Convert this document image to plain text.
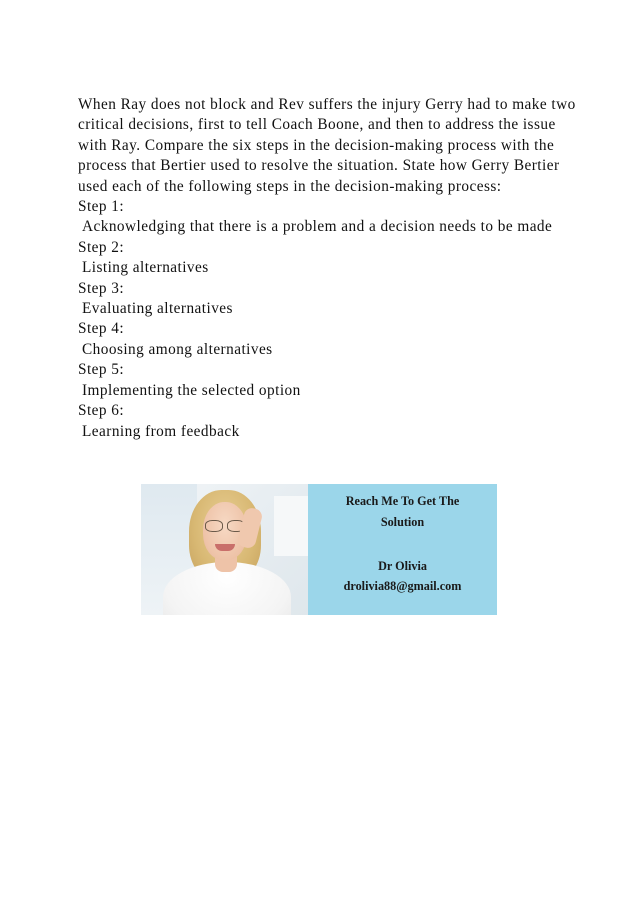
When Ray does not block and Rev suffers the injury Gerry had to make two critical decisions, first to tell Coach Boone, and then to address the issue with Ray. Compare the six steps in the decision-making process with the process that Bertier used to resolve the situation. State how Gerry Bertier used each of the following steps in the decision-making process:

Step 1:
Acknowledging that there is a problem and a decision needs to be made
Step 2:
Listing alternatives
Step 3:
Evaluating alternatives
Step 4:
Choosing among alternatives
Step 5:
Implementing the selected option
Step 6:
Learning from feedback
Reach Me To Get The
Solution
Dr Olivia
drolivia88@gmail.com
